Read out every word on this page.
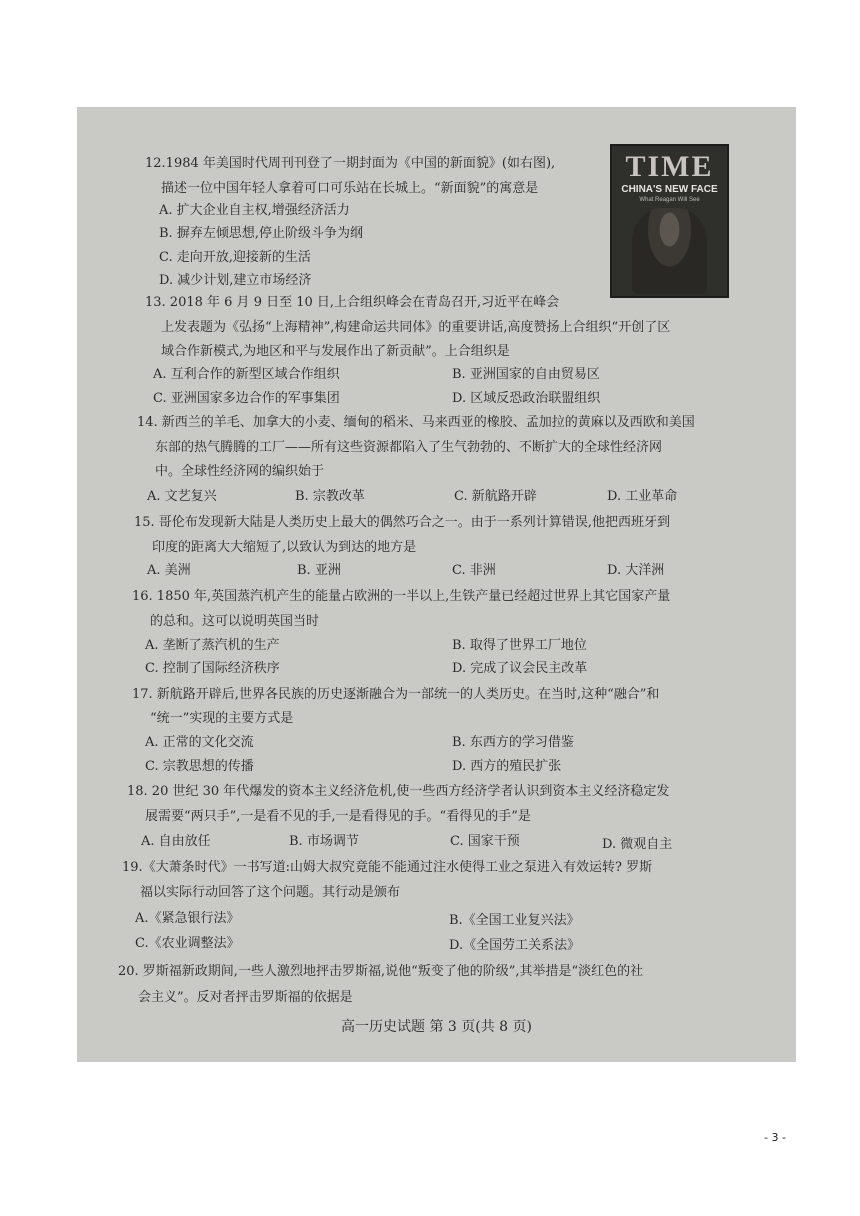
12.1984 年美国时代周刊刊登了一期封面为《中国的新面貌》(如右图),
描述一位中国年轻人拿着可口可乐站在长城上。“新面貌”的寓意是
A. 扩大企业自主权,增强经济活力
B. 摒弃左倾思想,停止阶级斗争为纲
C. 走向开放,迎接新的生活
D. 减少计划,建立市场经济
TIME
CHINA'S NEW FACE
What Reagan Will See
13. 2018 年 6 月 9 日至 10 日,上合组织峰会在青岛召开,习近平在峰会
上发表题为《弘扬“上海精神”,构建命运共同体》的重要讲话,高度赞扬上合组织“开创了区
域合作新模式,为地区和平与发展作出了新贡献”。上合组织是
A. 互利合作的新型区域合作组织	B. 亚洲国家的自由贸易区
C. 亚洲国家多边合作的军事集团	D. 区域反恐政治联盟组织
14. 新西兰的羊毛、加拿大的小麦、缅甸的稻米、马来西亚的橡胶、孟加拉的黄麻以及西欧和美国
东部的热气腾腾的工厂——所有这些资源都陷入了生气勃勃的、不断扩大的全球性经济网
中。全球性经济网的编织始于
A. 文艺复兴	B. 宗教改革	C. 新航路开辟	D. 工业革命
15. 哥伦布发现新大陆是人类历史上最大的偶然巧合之一。由于一系列计算错误,他把西班牙到
印度的距离大大缩短了,以致认为到达的地方是
A. 美洲	B. 亚洲	C. 非洲	D. 大洋洲
16. 1850 年,英国蒸汽机产生的能量占欧洲的一半以上,生铁产量已经超过世界上其它国家产量
的总和。这可以说明英国当时
A. 垄断了蒸汽机的生产	B. 取得了世界工厂地位
C. 控制了国际经济秩序	D. 完成了议会民主改革
17. 新航路开辟后,世界各民族的历史逐渐融合为一部统一的人类历史。在当时,这种“融合”和
“统一”实现的主要方式是
A. 正常的文化交流	B. 东西方的学习借鉴
C. 宗教思想的传播	D. 西方的殖民扩张
18. 20 世纪 30 年代爆发的资本主义经济危机,使一些西方经济学者认识到资本主义经济稳定发
展需要“两只手”,一是看不见的手,一是看得见的手。“看得见的手”是
A. 自由放任	B. 市场调节	C. 国家干预	D. 微观自主
19.《大萧条时代》一书写道:山姆大叔究竟能不能通过注水使得工业之泵进入有效运转? 罗斯
福以实际行动回答了这个问题。其行动是颁布
A.《紧急银行法》	B.《全国工业复兴法》
C.《农业调整法》	D.《全国劳工关系法》
20. 罗斯福新政期间,一些人激烈地抨击罗斯福,说他“叛变了他的阶级”,其举措是“淡红色的社
会主义”。反对者抨击罗斯福的依据是
高一历史试题 第 3 页(共 8 页)
- 3 -
